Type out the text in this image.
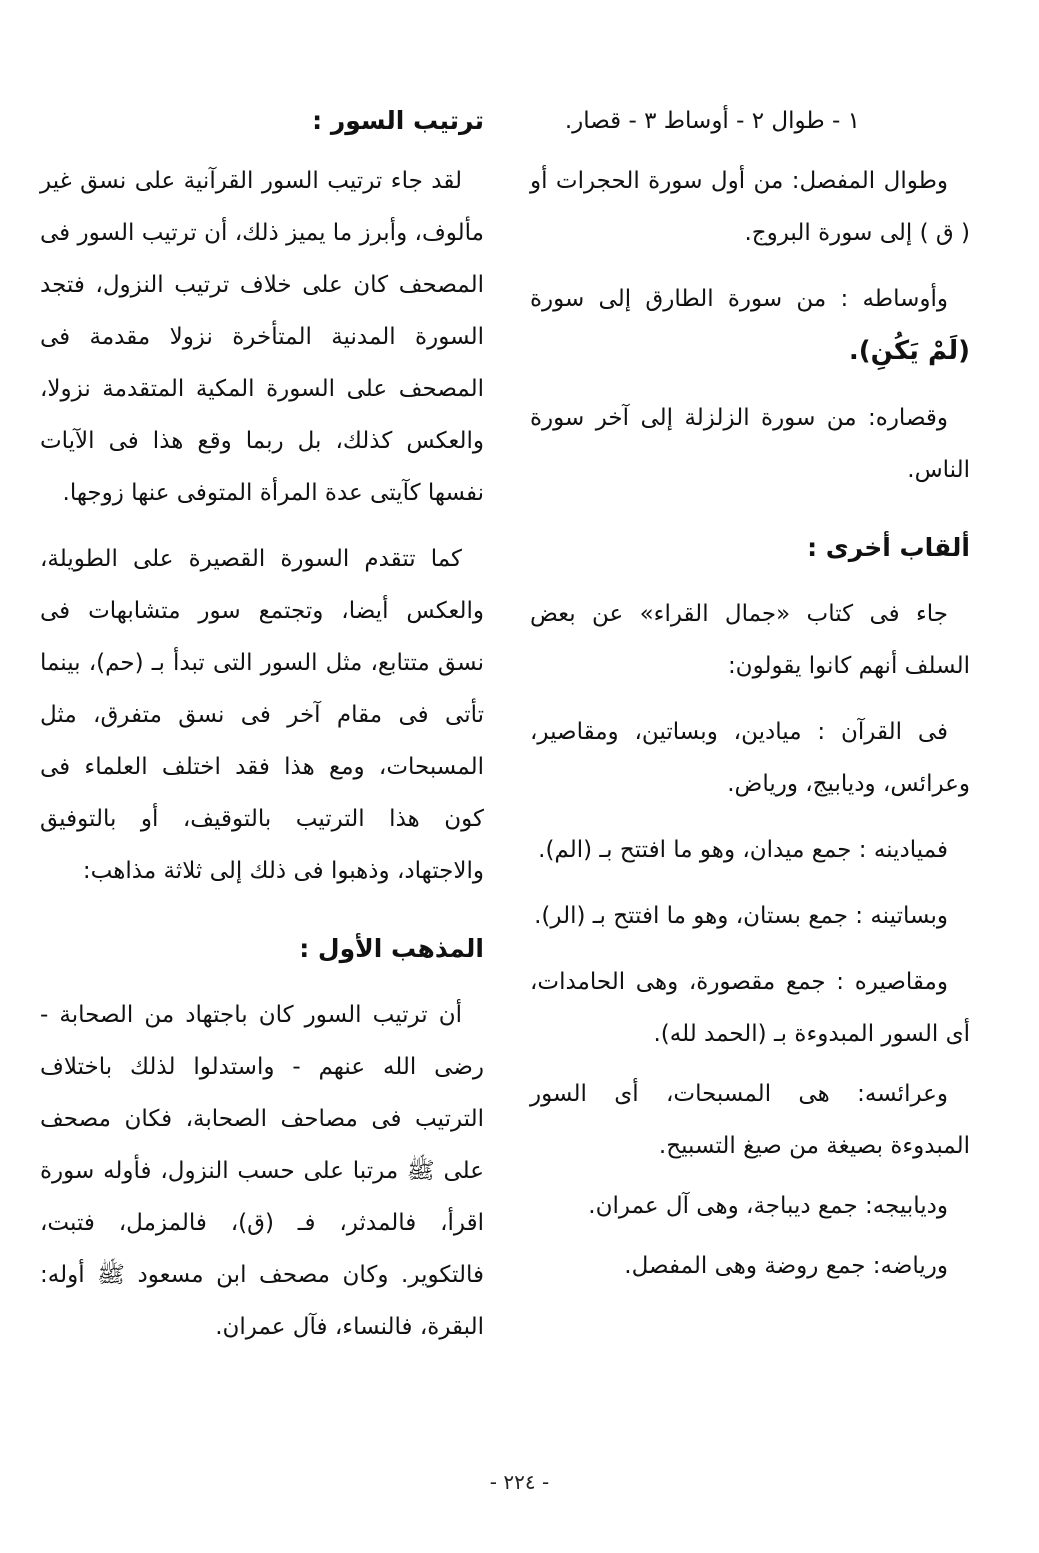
١ - طوال ٢ - أوساط ٣ - قصار.

وطوال المفصل: من أول سورة الحجرات أو ( ق ) إلى سورة البروج.

وأوساطه : من سورة الطارق إلى سورة (لَمْ يَكُنِ).

وقصاره: من سورة الزلزلة إلى آخر سورة الناس.

ألقاب أخرى :

جاء فى كتاب «جمال القراء» عن بعض السلف أنهم كانوا يقولون:

فى القرآن : ميادين، وبساتين، ومقاصير، وعرائس، وديابيج، ورياض.

فميادينه : جمع ميدان، وهو ما افتتح بـ (الم).

وبساتينه : جمع بستان، وهو ما افتتح بـ (الر).

ومقاصيره : جمع مقصورة، وهى الحامدات، أى السور المبدوءة بـ (الحمد لله).

وعرائسه: هى المسبحات، أى السور المبدوءة بصيغة من صيغ التسبيح.

وديابيجه: جمع ديباجة، وهى آل عمران.

ورياضه: جمع روضة وهى المفصل.

ترتيب السور :

لقد جاء ترتيب السور القرآنية على نسق غير مألوف، وأبرز ما يميز ذلك، أن ترتيب السور فى المصحف كان على خلاف ترتيب النزول، فتجد السورة المدنية المتأخرة نزولا مقدمة فى المصحف على السورة المكية المتقدمة نزولا، والعكس كذلك، بل ربما وقع هذا فى الآيات نفسها كآيتى عدة المرأة المتوفى عنها زوجها.

كما تتقدم السورة القصيرة على الطويلة، والعكس أيضا، وتجتمع سور متشابهات فى نسق متتابع، مثل السور التى تبدأ بـ (حم)، بينما تأتى فى مقام آخر فى نسق متفرق، مثل المسبحات، ومع هذا فقد اختلف العلماء فى كون هذا الترتيب بالتوقيف، أو بالتوفيق والاجتهاد، وذهبوا فى ذلك إلى ثلاثة مذاهب:

المذهب الأول :

أن ترتيب السور كان باجتهاد من الصحابة - رضى الله عنهم - واستدلوا لذلك باختلاف الترتيب فى مصاحف الصحابة، فكان مصحف على ﷺ مرتبا على حسب النزول، فأوله سورة اقرأ، فالمدثر، فـ (ق)، فالمزمل، فتبت، فالتكوير. وكان مصحف ابن مسعود ﷺ أوله: البقرة، فالنساء، فآل عمران.

- ٢٢٤ -
